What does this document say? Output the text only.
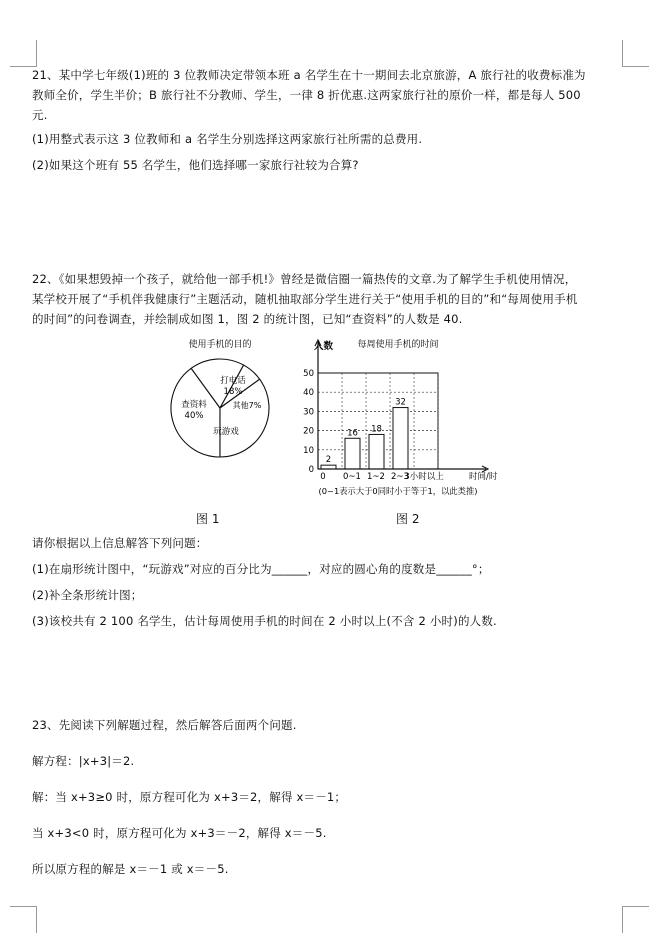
21、某中学七年级(1)班的 3 位教师决定带领本班 a 名学生在十一期间去北京旅游，A 旅行社的收费标准为
教师全价，学生半价；B 旅行社不分教师、学生，一律 8 折优惠.这两家旅行社的原价一样，都是每人 500
元.
(1)用整式表示这 3 位教师和 a 名学生分别选择这两家旅行社所需的总费用.
(2)如果这个班有 55 名学生，他们选择哪一家旅行社较为合算?
22、《如果想毁掉一个孩子，就给他一部手机!》曾经是微信圈一篇热传的文章.为了解学生手机使用情况，
某学校开展了“手机伴我健康行”主题活动，随机抽取部分学生进行关于“使用手机的目的”和“每周使用手机
的时间”的问卷调查，并绘制成如图 1，图 2 的统计图，已知“查资料”的人数是 40.
使用手机的目的
查资料
40%
打电话
18%
其他7%
玩游戏
每周使用手机的时间
人数
0
10
20
30
40
50
2
16 18
32
0~1 1~2 2~3
3小时以上	时间/时
0
(0~1表示大于0同时小于等于1，以此类推)
图 1	图 2
请你根据以上信息解答下列问题：
(1)在扇形统计图中，“玩游戏”对应的百分比为______，对应的圆心角的度数是______°；
(2)补全条形统计图；
(3)该校共有 2 100 名学生，估计每周使用手机的时间在 2 小时以上(不含 2 小时)的人数.
23、先阅读下列解题过程，然后解答后面两个问题.
解方程：|x+3|＝2.
解：当 x+3≥0 时，原方程可化为 x+3＝2，解得 x＝－1；
当 x+3<0 时，原方程可化为 x+3＝－2，解得 x＝－5.
所以原方程的解是 x＝－1 或 x＝－5.
